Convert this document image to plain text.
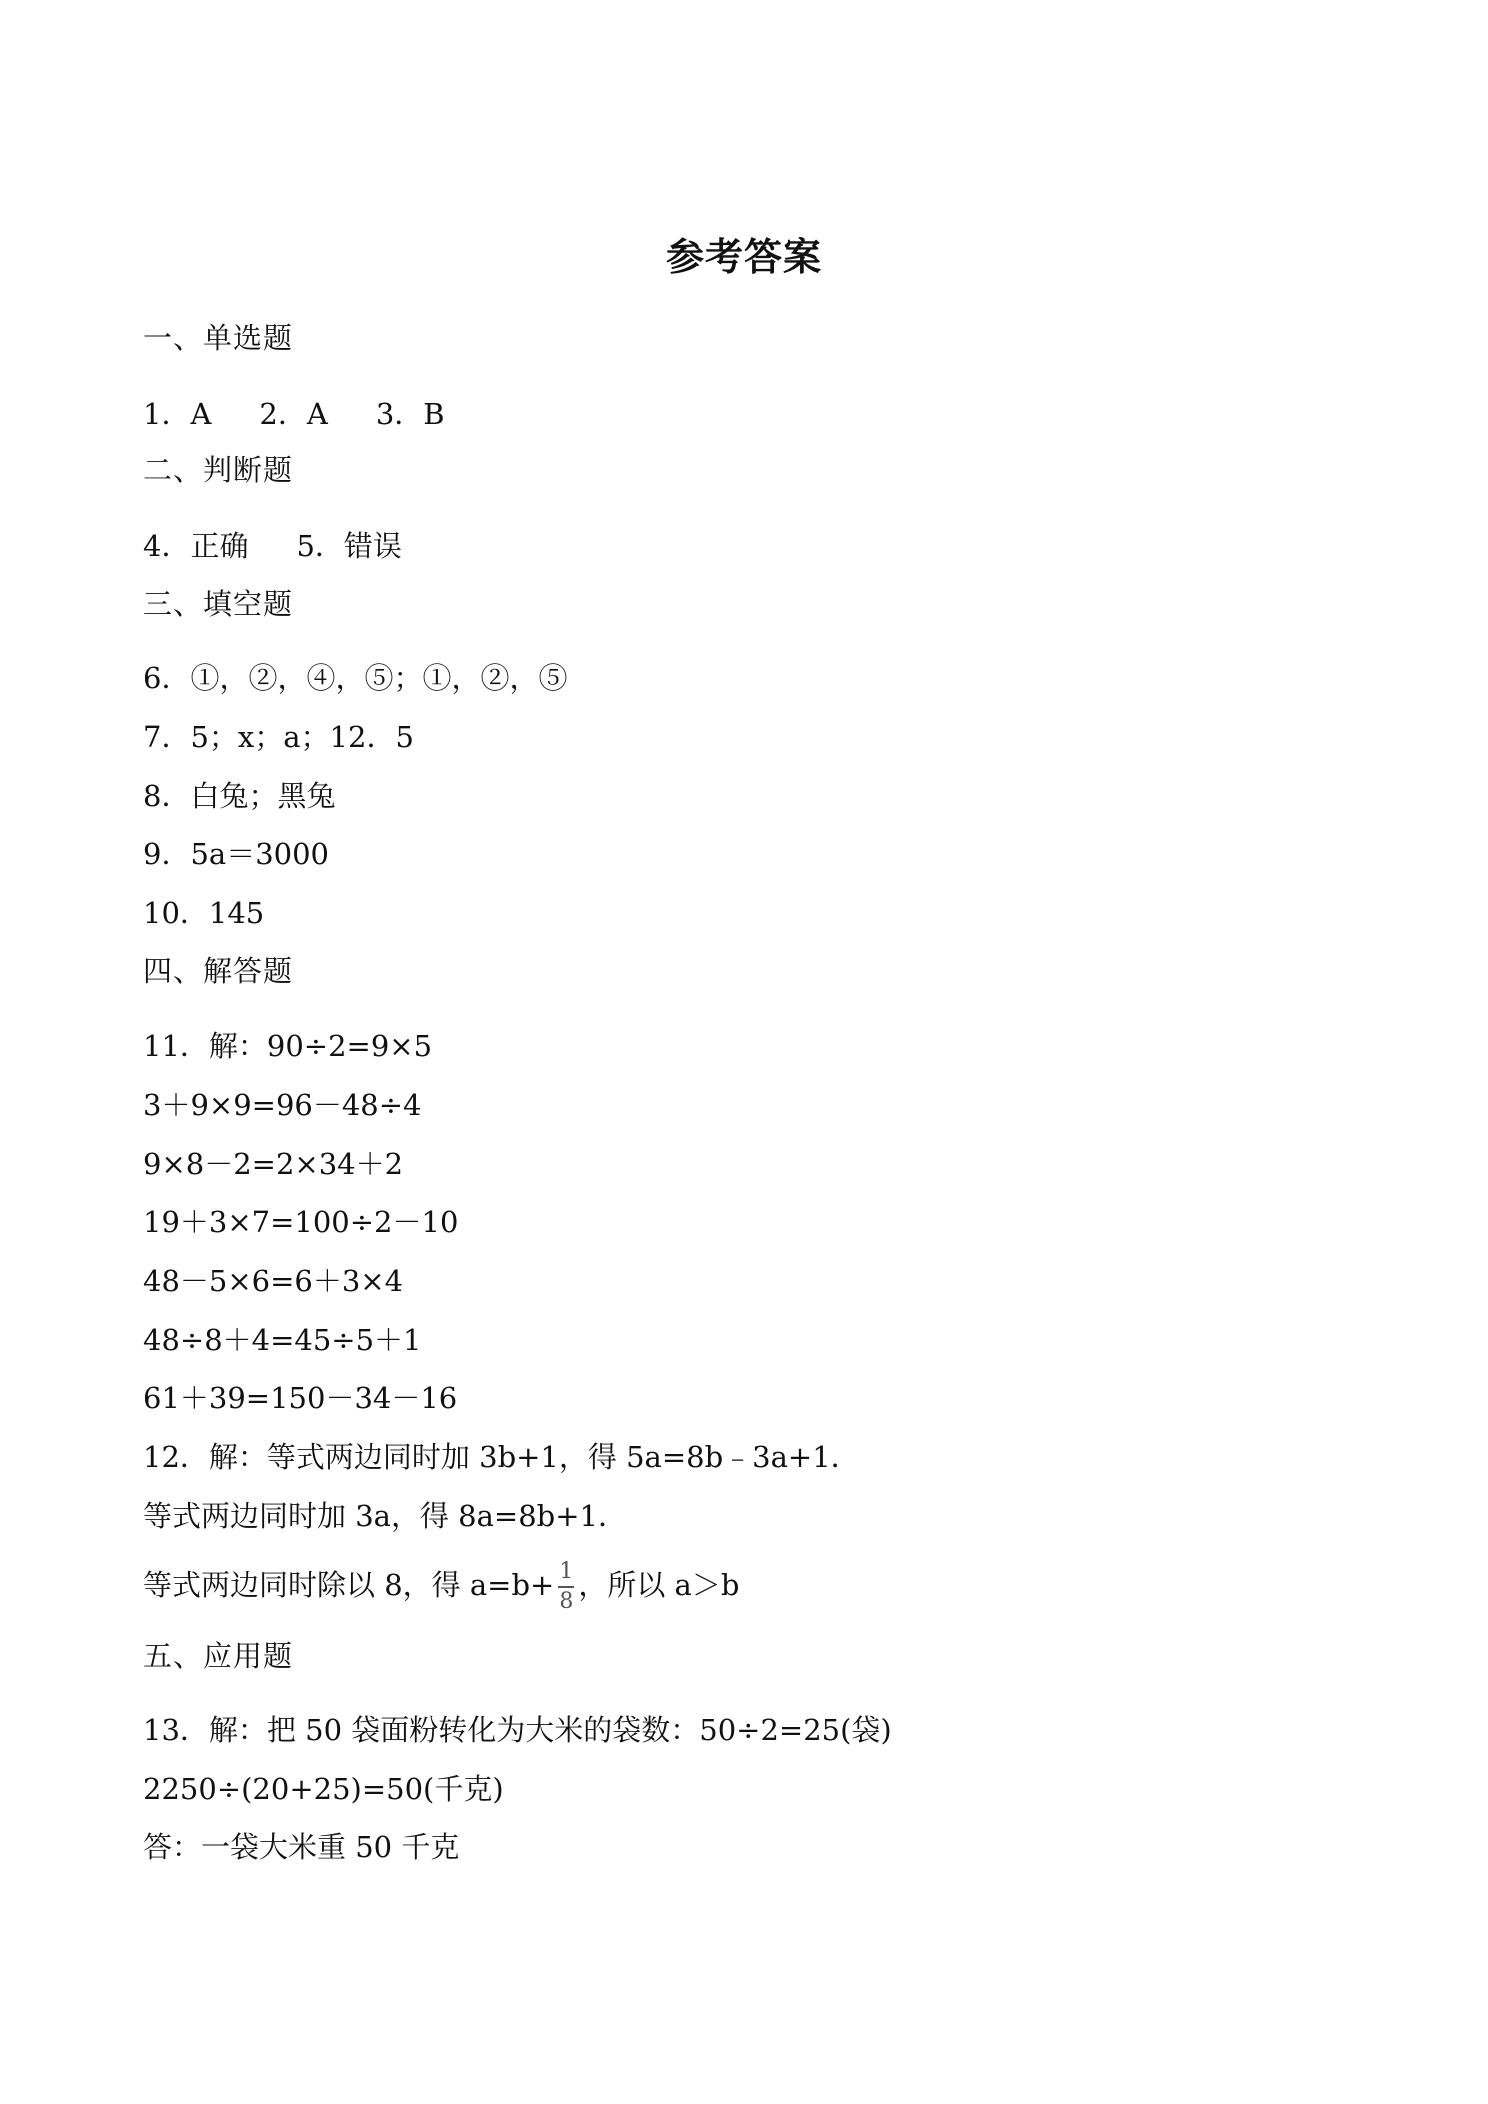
参考答案
一、单选题
1．A 2．A 3．B
二、判断题
4．正确 5．错误
三、填空题
6．①，②，④，⑤；①，②，⑤
7．5；x；a；12．5
8．白兔；黑兔
9．5a＝3000
10．145
四、解答题
11．解：90÷2=9×5
3＋9×9=96－48÷4
9×8－2=2×34＋2
19＋3×7=100÷2－10
48－5×6=6＋3×4
48÷8＋4=45÷5＋1
61＋39=150－34－16
12．解：等式两边同时加 3b+1，得 5a=8b﹣3a+1．
等式两边同时加 3a，得 8a=8b+1．
等式两边同时除以 8，得 $a=b+ \frac{1}{8}$ ，所以 a＞b
五、应用题
13．解：把 50 袋面粉转化为大米的袋数：50÷2=25(袋)
2250÷(20+25)=50(千克)
答：一袋大米重 50 千克
